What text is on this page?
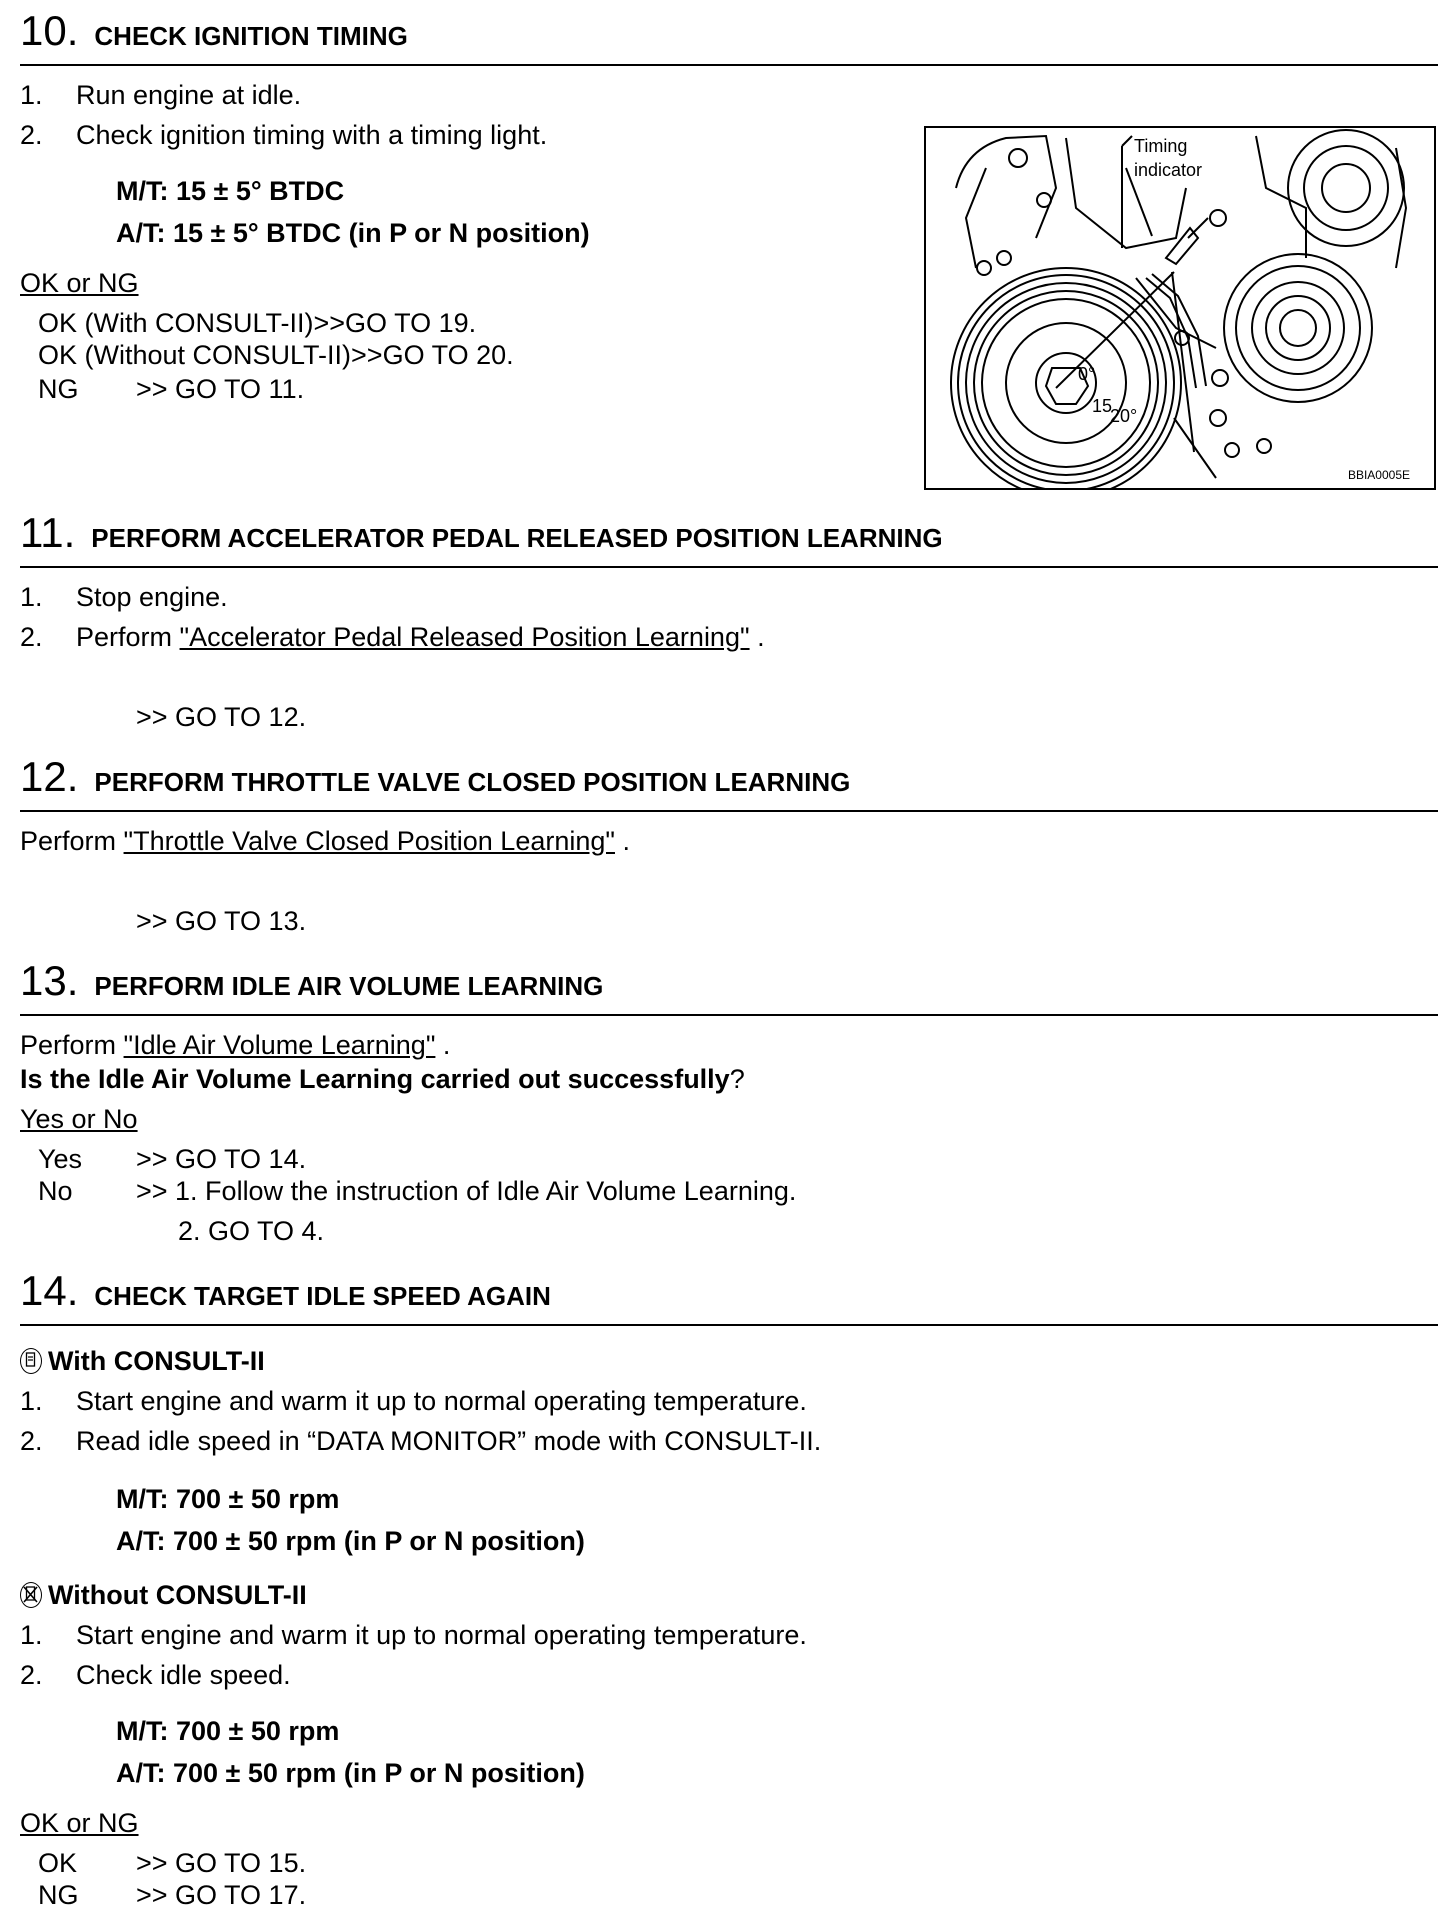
10 . CHECK IGNITION TIMING
1. Run engine at idle.
2. Check ignition timing with a timing light.
M/T: 15 ± 5° BTDC
A/T: 15 ± 5° BTDC (in P or N position)
OK or NG
OK (With CONSULT-II)>>GO TO 19.
OK (Without CONSULT-II)>>GO TO 20.
NG >> GO TO 11.
Timing
indicator
0°
15
20°
BBIA0005E
11 . PERFORM ACCELERATOR PEDAL RELEASED POSITION LEARNING
1. Stop engine.
2. Perform "Accelerator Pedal Released Position Learning" .
>> GO TO 12.
12 . PERFORM THROTTLE VALVE CLOSED POSITION LEARNING
Perform "Throttle Valve Closed Position Learning" .
>> GO TO 13.
13 . PERFORM IDLE AIR VOLUME LEARNING
Perform "Idle Air Volume Learning" .
Is the Idle Air Volume Learning carried out successfully?
Yes or No
Yes >> GO TO 14.
No >> 1. Follow the instruction of Idle Air Volume Learning.
2. GO TO 4.
14 . CHECK TARGET IDLE SPEED AGAIN
With CONSULT-II
1. Start engine and warm it up to normal operating temperature.
2. Read idle speed in “DATA MONITOR” mode with CONSULT-II.
M/T: 700 ± 50 rpm
A/T: 700 ± 50 rpm (in P or N position)
Without CONSULT-II
1. Start engine and warm it up to normal operating temperature.
2. Check idle speed.
M/T: 700 ± 50 rpm
A/T: 700 ± 50 rpm (in P or N position)
OK or NG
OK >> GO TO 15.
NG >> GO TO 17.
